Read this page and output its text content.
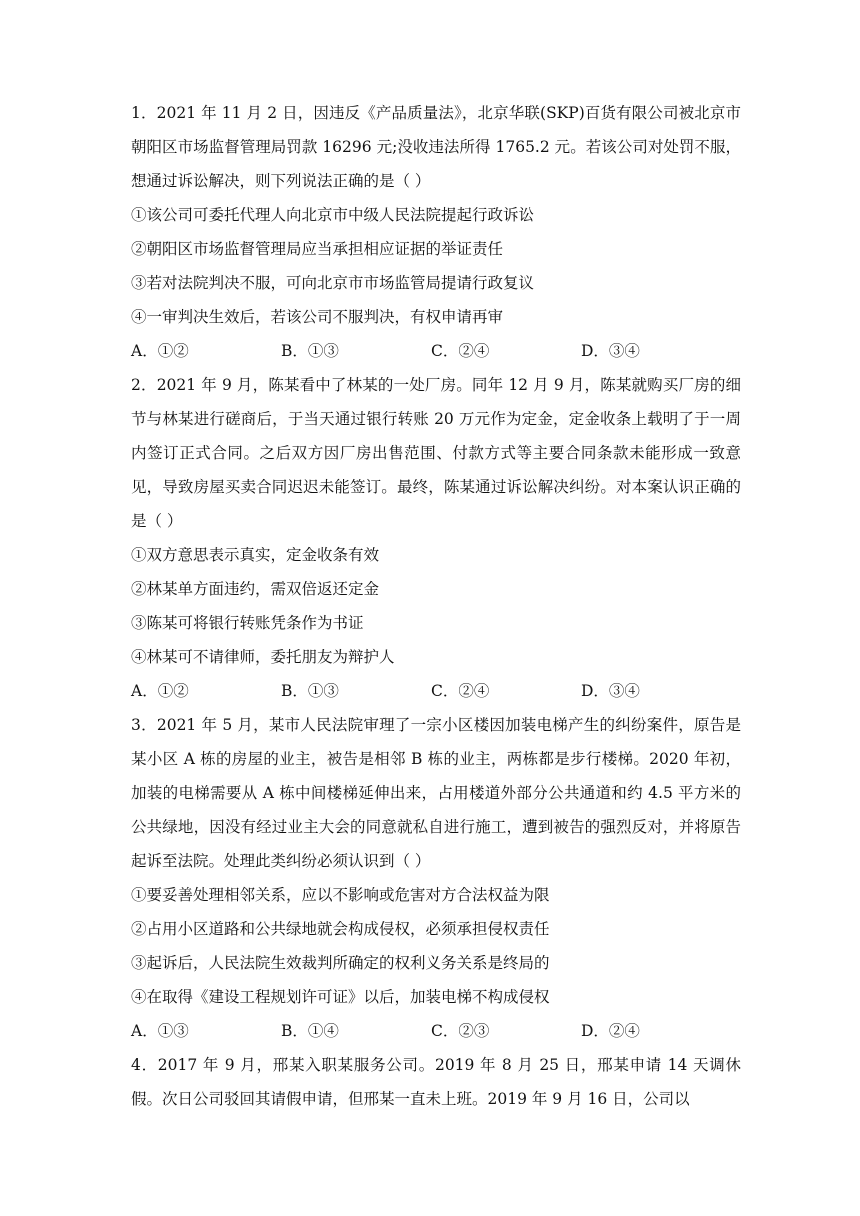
1．2021 年 11 月 2 日，因违反《产品质量法》，北京华联(SKP)百货有限公司被北京市朝阳区市场监督管理局罚款 16296 元;没收违法所得 1765.2 元。若该公司对处罚不服，想通过诉讼解决，则下列说法正确的是（ ）

①该公司可委托代理人向北京市中级人民法院提起行政诉讼

②朝阳区市场监督管理局应当承担相应证据的举证责任

③若对法院判决不服，可向北京市市场监管局提请行政复议

④一审判决生效后，若该公司不服判决，有权申请再审

A．①②	B．①③	C．②④	D．③④

2．2021 年 9 月，陈某看中了林某的一处厂房。同年 12 月 9 月，陈某就购买厂房的细节与林某进行磋商后，于当天通过银行转账 20 万元作为定金，定金收条上载明了于一周内签订正式合同。之后双方因厂房出售范围、付款方式等主要合同条款未能形成一致意见，导致房屋买卖合同迟迟未能签订。最终，陈某通过诉讼解决纠纷。对本案认识正确的是（ ）

①双方意思表示真实，定金收条有效

②林某单方面违约，需双倍返还定金

③陈某可将银行转账凭条作为书证

④林某可不请律师，委托朋友为辩护人

A．①②	B．①③	C．②④	D．③④

3．2021 年 5 月，某市人民法院审理了一宗小区楼因加装电梯产生的纠纷案件，原告是某小区 A 栋的房屋的业主，被告是相邻 B 栋的业主，两栋都是步行楼梯。2020 年初，加装的电梯需要从 A 栋中间楼梯延伸出来，占用楼道外部分公共通道和约 4.5 平方米的公共绿地，因没有经过业主大会的同意就私自进行施工，遭到被告的强烈反对，并将原告起诉至法院。处理此类纠纷必须认识到（ ）

①要妥善处理相邻关系，应以不影响或危害对方合法权益为限

②占用小区道路和公共绿地就会构成侵权，必须承担侵权责任

③起诉后，人民法院生效裁判所确定的权利义务关系是终局的

④在取得《建设工程规划许可证》以后，加装电梯不构成侵权

A．①③	B．①④	C．②③	D．②④

4．2017 年 9 月，邢某入职某服务公司。2019 年 8 月 25 日，邢某申请 14 天调休假。次日公司驳回其请假申请，但邢某一直未上班。2019 年 9 月 16 日，公司以
